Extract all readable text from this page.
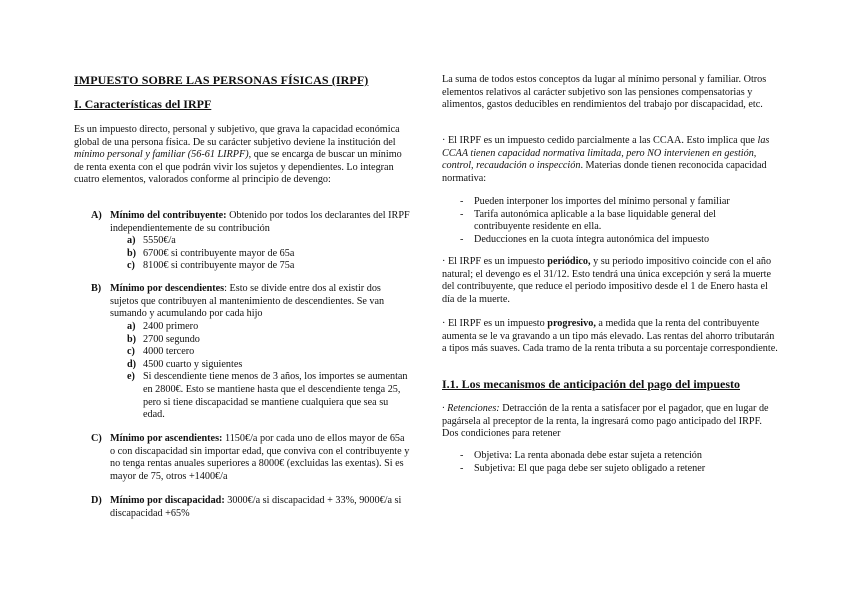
IMPUESTO SOBRE LAS PERSONAS FÍSICAS (IRPF)
I. Características del IRPF

Es un impuesto directo, personal y subjetivo, que grava la capacidad económica global de una persona física. De su carácter subjetivo deviene la institución del mínimo personal y familiar (56-61 LIRPF), que se encarga de buscar un mínimo de renta exenta con el que podrán vivir los sujetos y dependientes. Lo integran cuatro elementos, valorados conforme al principio de devengo:

A) Mínimo del contribuyente: Obtenido por todos los declarantes del IRPF independientemente de su contribución

a) 5550€/a
b) 6700€ si contribuyente mayor de 65a
c) 8100€ si contribuyente mayor de 75a
B) Mínimo por descendientes: Esto se divide entre dos al existir dos sujetos que contribuyen al mantenimiento de descendientes. Se van sumando y acumulando por cada hijo

a) 2400 primero
b) 2700 segundo
c) 4000 tercero
d) 4500 cuarto y siguientes
e) Si descendiente tiene menos de 3 años, los importes se aumentan en 2800€. Esto se mantiene hasta que el descendiente tenga 25, pero si tiene discapacidad se mantiene cualquiera que sea su edad.
C) Mínimo por ascendientes: 1150€/a por cada uno de ellos mayor de 65a o con discapacidad sin importar edad, que conviva con el contribuyente y no tenga rentas anuales superiores a 8000€ (excluidas las exentas). Si es mayor de 75, otros +1400€/a

D) Mínimo por discapacidad: 3000€/a si discapacidad + 33%, 9000€/a si discapacidad +65%

La suma de todos estos conceptos da lugar al mínimo personal y familiar. Otros elementos relativos al carácter subjetivo son las pensiones compensatorias y alimentos, gastos deducibles en rendimientos del trabajo por discapacidad, etc.

· El IRPF es un impuesto cedido parcialmente a las CCAA. Esto implica que las CCAA tienen capacidad normativa limitada, pero NO intervienen en gestión, control, recaudación o inspección. Materias donde tienen reconocida capacidad normativa:

- Pueden interponer los importes del mínimo personal y familiar
- Tarifa autonómica aplicable a la base liquidable general del contribuyente residente en ella.
- Deducciones en la cuota íntegra autonómica del impuesto

· El IRPF es un impuesto periódico, y su periodo impositivo coincide con el año natural; el devengo es el 31/12. Esto tendrá una única excepción y será la muerte del contribuyente, que reduce el periodo impositivo desde el 1 de Enero hasta el día de la muerte.

· El IRPF es un impuesto progresivo, a medida que la renta del contribuyente aumenta se le va gravando a un tipo más elevado. Las rentas del ahorro tributarán a tipos más suaves. Cada tramo de la renta tributa a su porcentaje correspondiente.

I.1. Los mecanismos de anticipación del pago del impuesto

· Retenciones: Detracción de la renta a satisfacer por el pagador, que en lugar de pagársela al preceptor de la renta, la ingresará como pago anticipado del IRPF. Dos condiciones para retener

- Objetiva: La renta abonada debe estar sujeta a retención
- Subjetiva: El que paga debe ser sujeto obligado a retener
